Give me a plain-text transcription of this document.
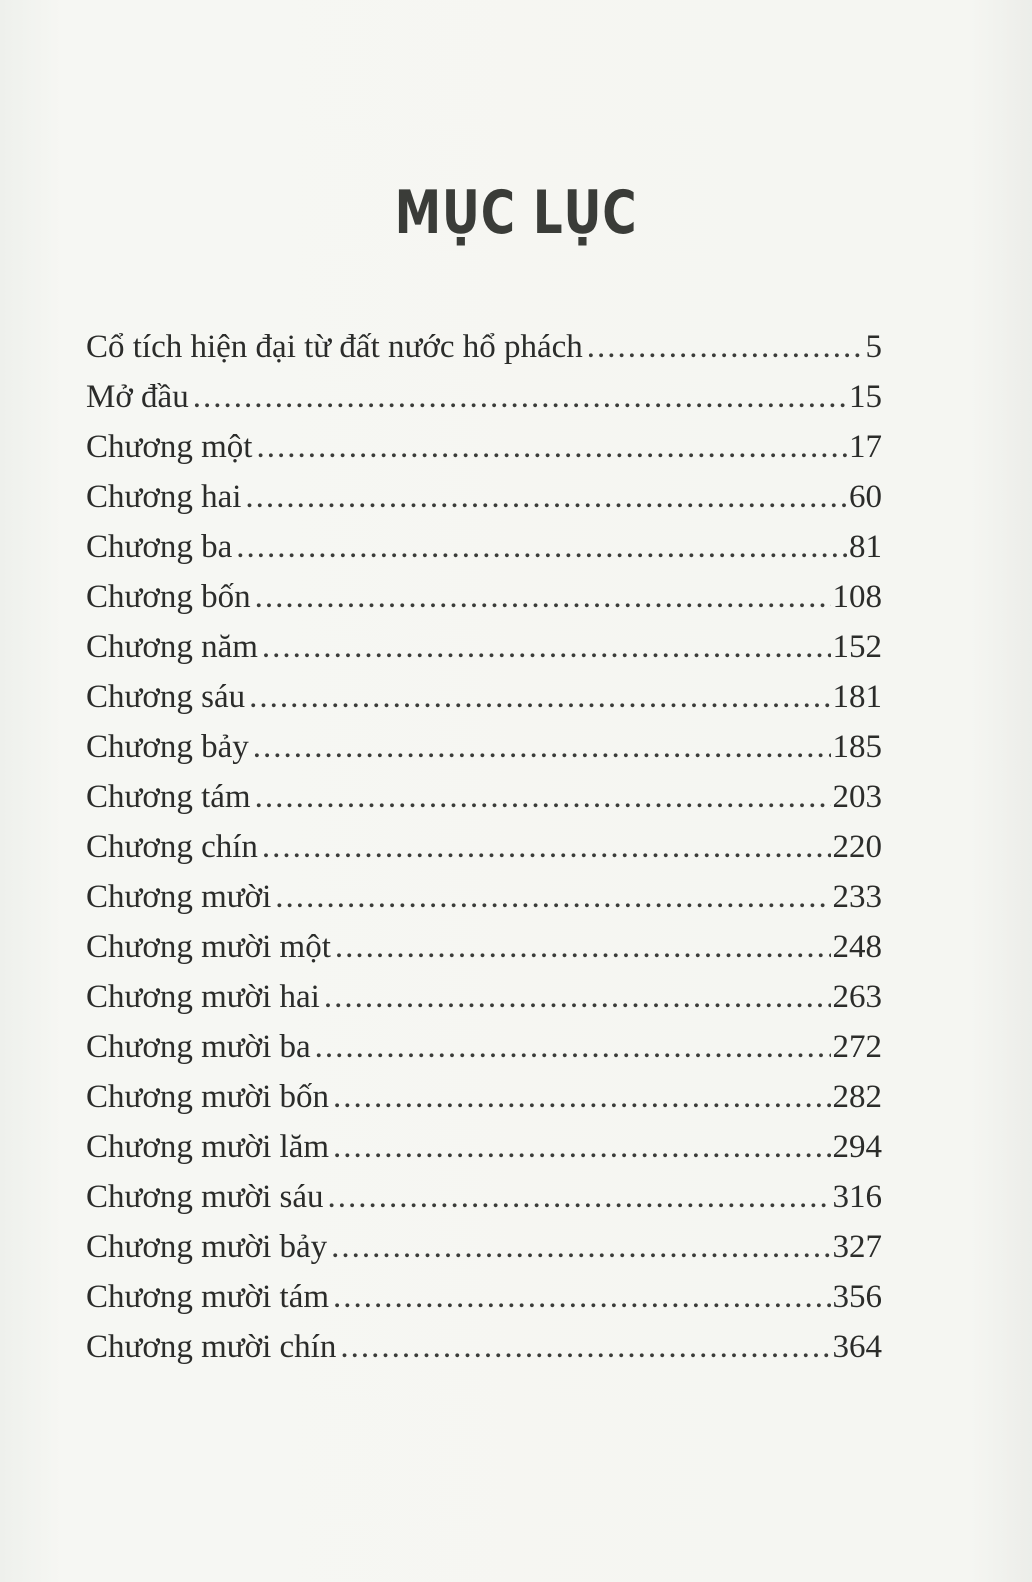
MỤC LỤC
Cổ tích hiện đại từ đất nước hổ phách .....	5
Mở đầu .....	15
Chương một .....	17
Chương hai .....	60
Chương ba .....	81
Chương bốn .....	108
Chương năm .....	152
Chương sáu .....	181
Chương bảy .....	185
Chương tám .....	203
Chương chín .....	220
Chương mười .....	233
Chương mười một .....	248
Chương mười hai .....	263
Chương mười ba .....	272
Chương mười bốn .....	282
Chương mười lăm .....	294
Chương mười sáu .....	316
Chương mười bảy .....	327
Chương mười tám .....	356
Chương mười chín .....	364
